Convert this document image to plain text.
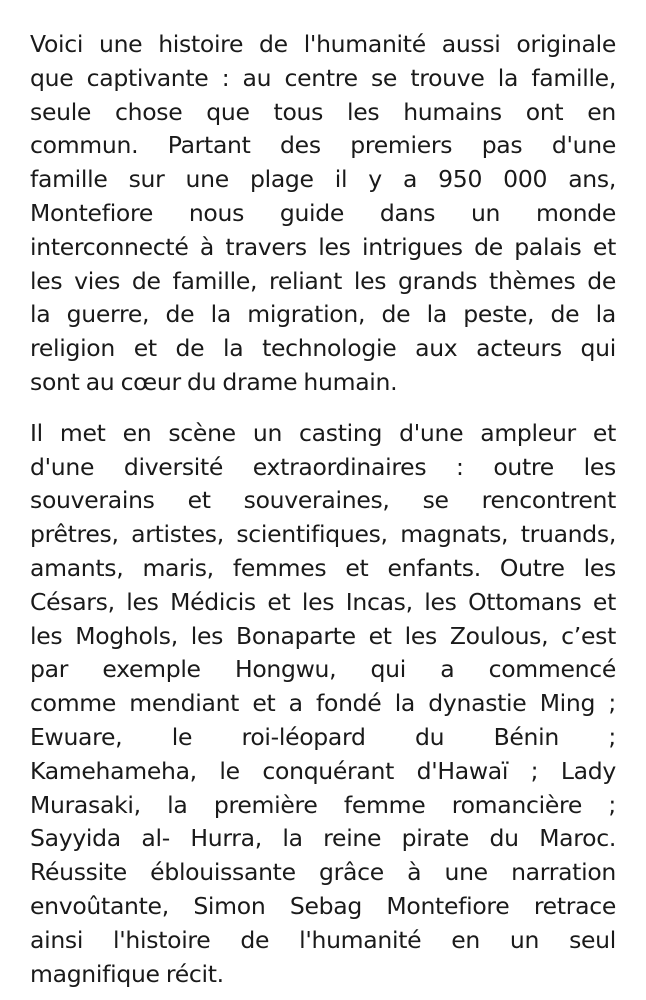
Voici une histoire de l'humanité aussi originale
que captivante : au centre se trouve la famille,
seule chose que tous les humains ont en
commun. Partant des premiers pas d'une
famille sur une plage il y a 950 000 ans,
Montefiore nous guide dans un monde
interconnecté à travers les intrigues de palais et
les vies de famille, reliant les grands thèmes de
la guerre, de la migration, de la peste, de la
religion et de la technologie aux acteurs qui
sont au cœur du drame humain.
Il met en scène un casting d'une ampleur et
d'une diversité extraordinaires : outre les
souverains et souveraines, se rencontrent
prêtres, artistes, scientifiques, magnats, truands,
amants, maris, femmes et enfants. Outre les
Césars, les Médicis et les Incas, les Ottomans et
les Moghols, les Bonaparte et les Zoulous, c’est
par exemple Hongwu, qui a commencé
comme mendiant et a fondé la dynastie Ming ;
Ewuare, le roi-léopard du Bénin ;
Kamehameha, le conquérant d'Hawaï ; Lady
Murasaki, la première femme romancière ;
Sayyida al- Hurra, la reine pirate du Maroc.
Réussite éblouissante grâce à une narration
envoûtante, Simon Sebag Montefiore retrace
ainsi l'histoire de l'humanité en un seul
magnifique récit.
